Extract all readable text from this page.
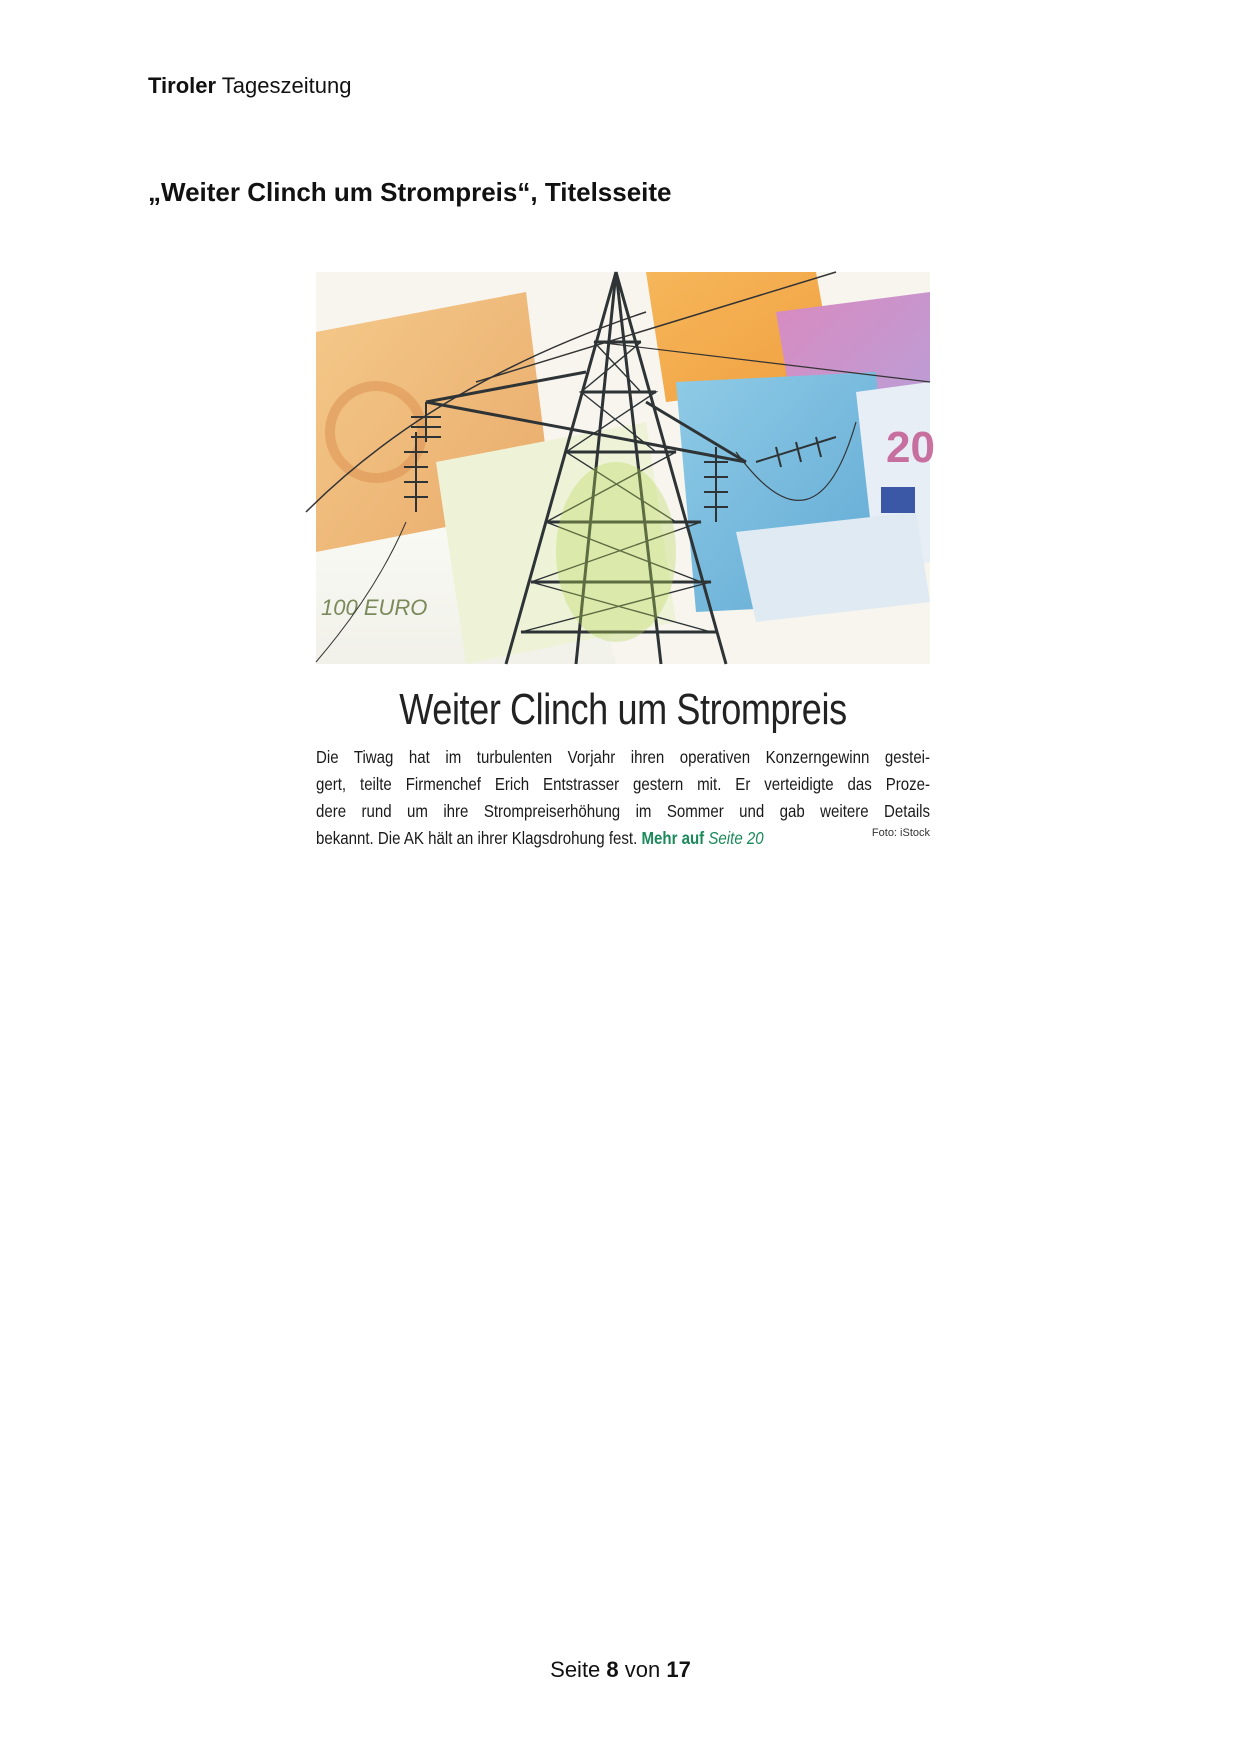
Tiroler Tageszeitung
„Weiter Clinch um Strompreis“, Titelsseite
100 EURO
20
Weiter Clinch um Strompreis
Die Tiwag hat im turbulenten Vorjahr ihren operativen Konzerngewinn gestei-
gert, teilte Firmenchef Erich Entstrasser gestern mit. Er verteidigte das Proze-
dere rund um ihre Strompreiserhöhung im Sommer und gab weitere Details
bekannt. Die AK hält an ihrer Klagsdrohung fest. Mehr auf Seite 20	Foto: iStock
Seite 8 von 17
